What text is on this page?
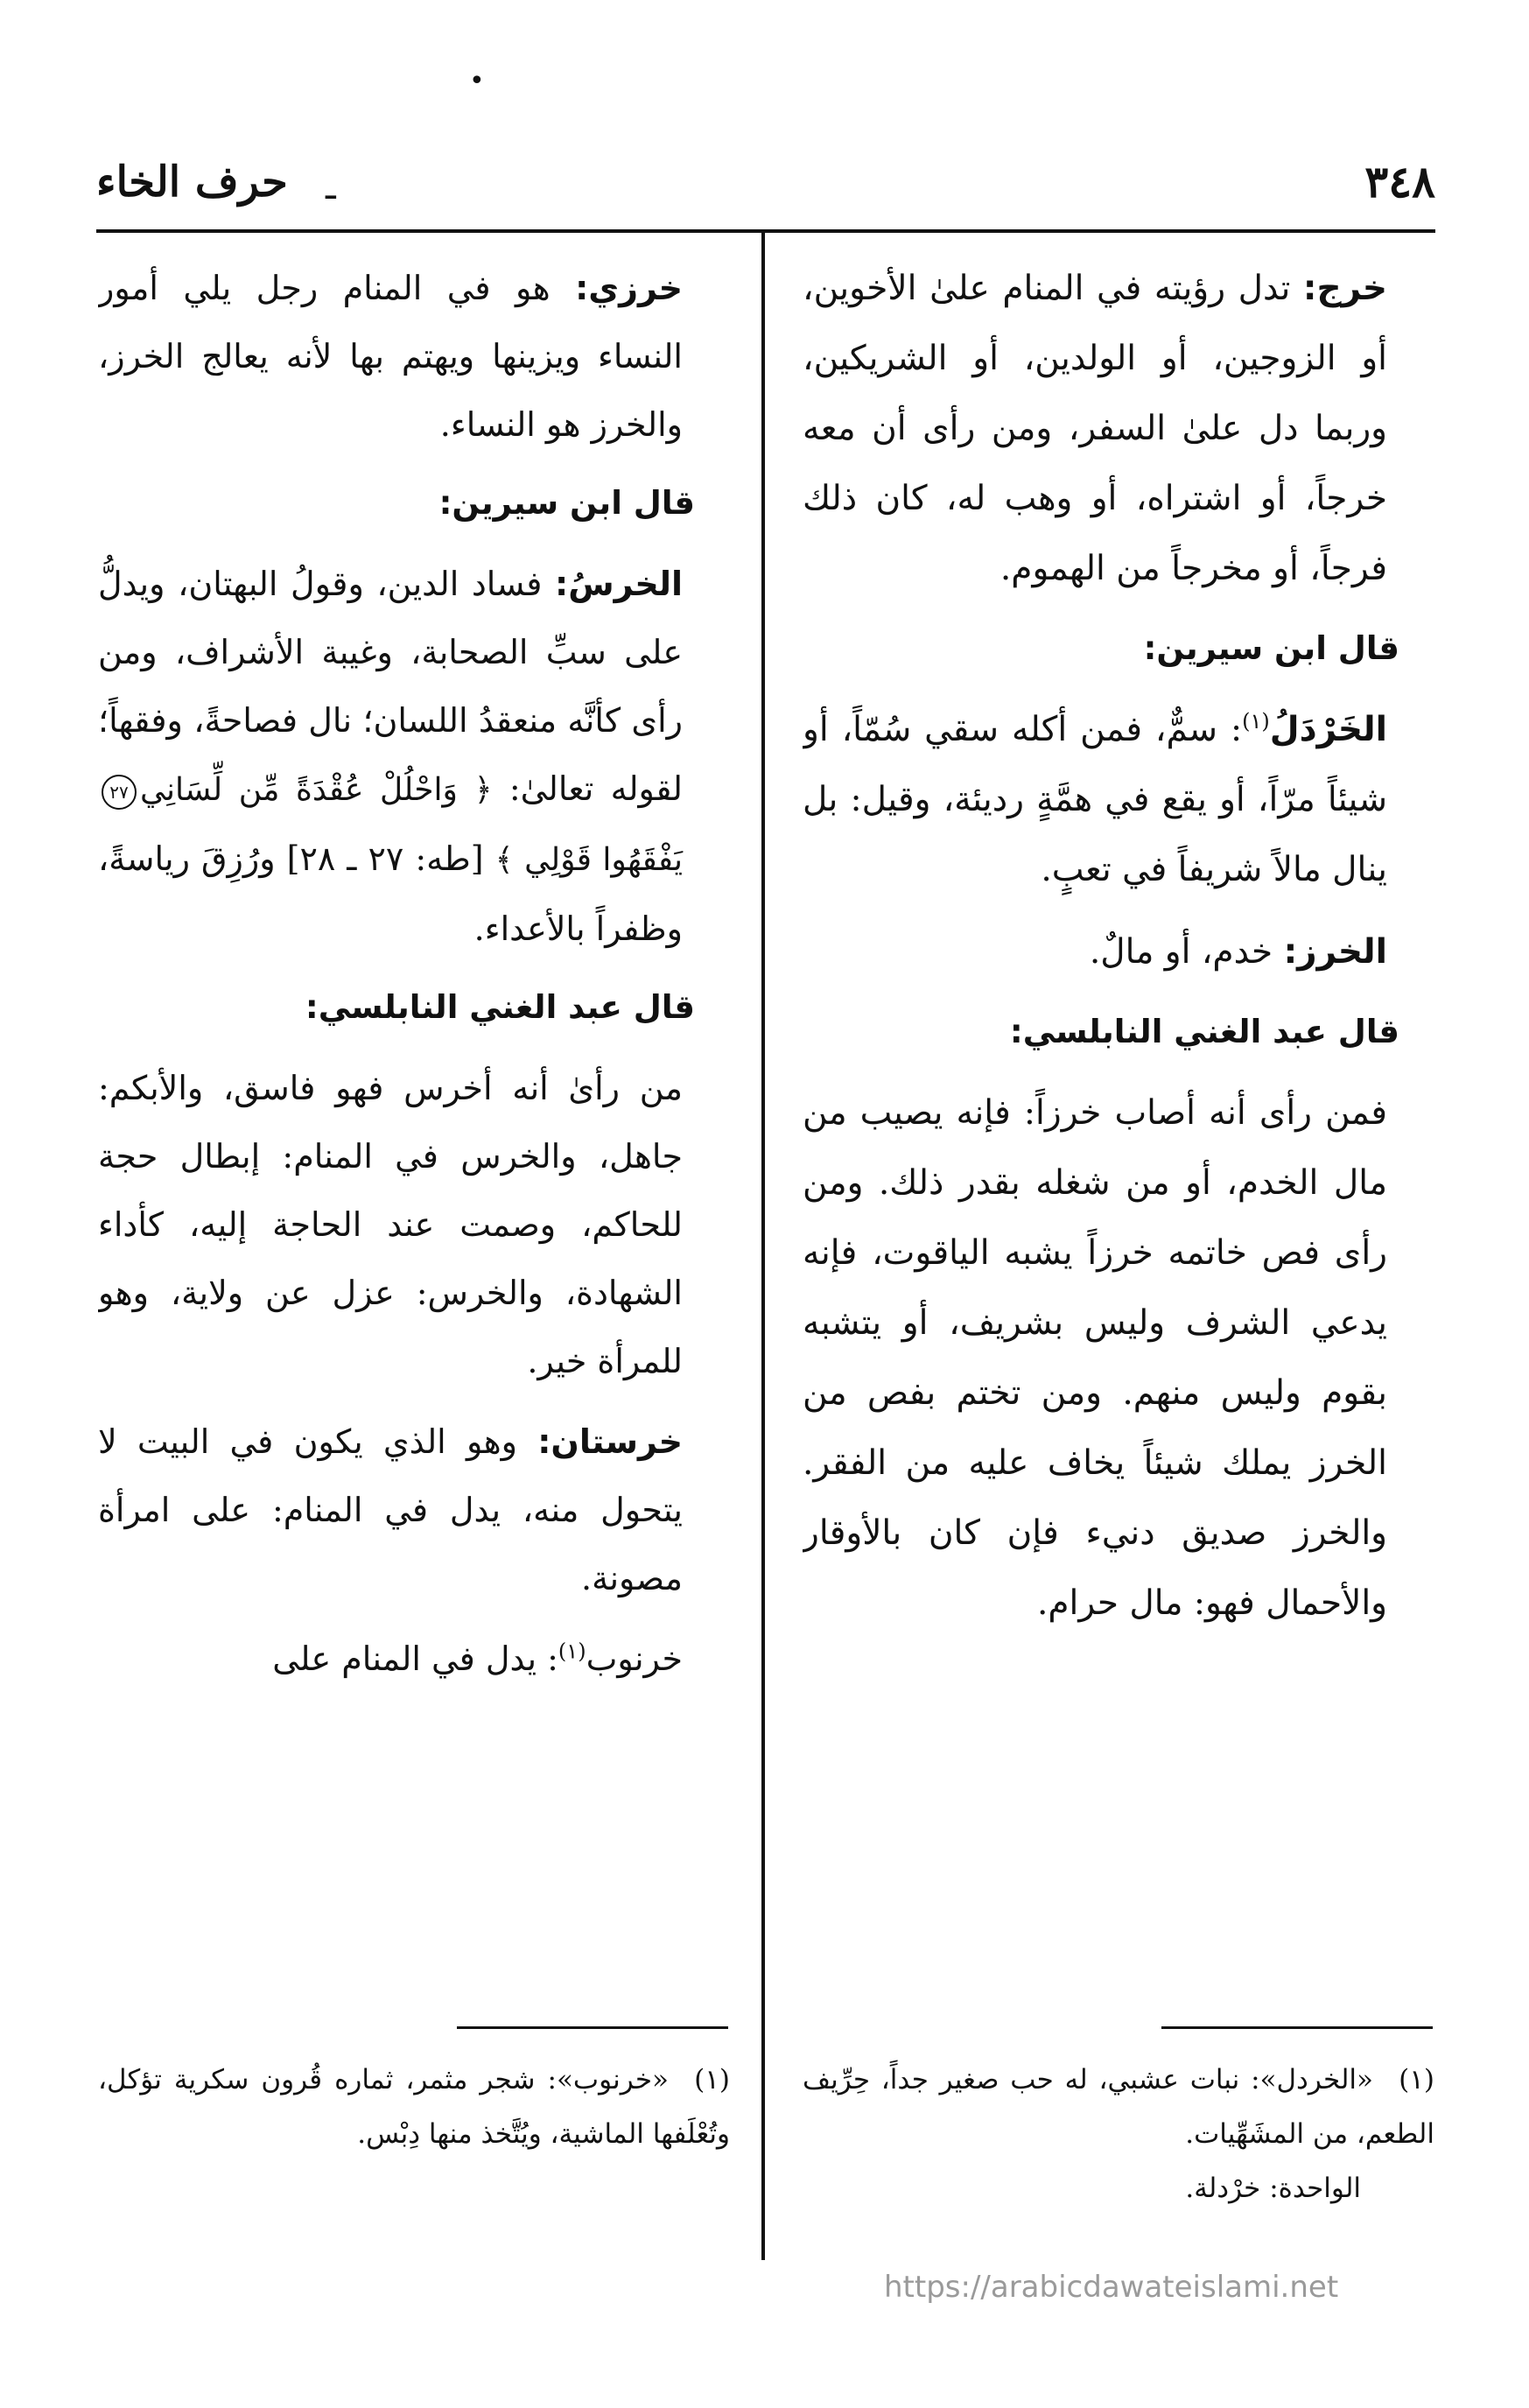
•
٣٤٨
حرف الخاء ـ

خرج: تدل رؤيته في المنام علىٰ الأخوين، أو الزوجين، أو الولدين، أو الشريكين، وربما دل علىٰ السفر، ومن رأى أن معه خرجاً، أو اشتراه، أو وهب له، كان ذلك فرجاً، أو مخرجاً من الهموم.

قال ابن سيرين:

الخَرْدَلُ$^{(١)}$: سمٌّ، فمن أكله سقي سُمّاً، أو شيئاً مرّاً، أو يقع في همَّةٍ رديئة، وقيل: بل ينال مالاً شريفاً في تعبٍ.

الخرز: خدم، أو مالٌ.

قال عبد الغني النابلسي:

فمن رأى أنه أصاب خرزاً: فإنه يصيب من مال الخدم، أو من شغله بقدر ذلك. ومن رأى فص خاتمه خرزاً يشبه الياقوت، فإنه يدعي الشرف وليس بشريف، أو يتشبه بقوم وليس منهم. ومن تختم بفص من الخرز يملك شيئاً يخاف عليه من الفقر. والخرز صديق دنيء فإن كان بالأوقار والأحمال فهو: مال حرام.

خرزي: هو في المنام رجل يلي أمور النساء ويزينها ويهتم بها لأنه يعالج الخرز، والخرز هو النساء.

قال ابن سيرين:

الخرسُ: فساد الدين، وقولُ البهتان، ويدلُّ على سبِّ الصحابة، وغيبة الأشراف، ومن رأى كأنَّه منعقدُ اللسان؛ نال فصاحةً، وفقهاً؛ لقوله تعالىٰ: ﴿ وَاحْلُلْ عُقْدَةً مِّن لِّسَانِي٢٧يَفْقَهُوا قَوْلِي ﴾ [طه: ٢٧ ـ ٢٨] ورُزِقَ رياسةً، وظفراً بالأعداء.

قال عبد الغني النابلسي:

من رأىٰ أنه أخرس فهو فاسق، والأبكم: جاهل، والخرس في المنام: إبطال حجة للحاكم، وصمت عند الحاجة إليه، كأداء الشهادة، والخرس: عزل عن ولاية، وهو للمرأة خير.

خرستان: وهو الذي يكون في البيت لا يتحول منه، يدل في المنام: على امرأة مصونة.

خرنوب$^{(١)}$: يدل في المنام على

(١)«الخردل»: نبات عشبي، له حب صغير جداً، حِرِّيف الطعم، من المشَهِّيات.
الواحدة: خرْدلة.
(١)«خرنوب»: شجر مثمر، ثماره قُرون سكرية تؤكل، وتُعْلَفها الماشية، ويُتَّخذ منها دِبْس.
https://arabicdawateislami.net
